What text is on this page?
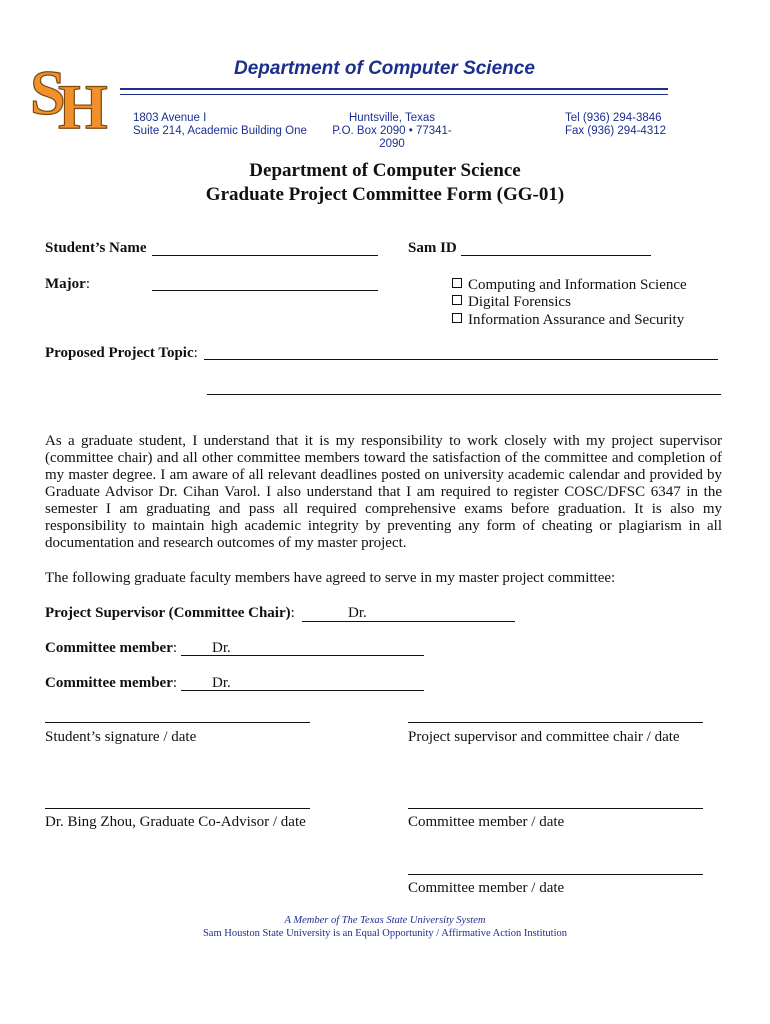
S
H
Department of Computer Science
1803 Avenue I
Suite 214, Academic Building One
Huntsville, Texas
P.O. Box 2090 • 77341-2090
Tel (936) 294-3846
Fax (936) 294-4312
Department of Computer Science
Graduate Project Committee Form (GG-01)
Student’s Name	Sam ID
Major:	Computing and Information Science
Digital Forensics
Information Assurance and Security
Proposed Project Topic:
As a graduate student, I understand that it is my responsibility to work closely with my project supervisor (committee chair) and all other committee members toward the satisfaction of the committee and completion of my master degree. I am aware of all relevant deadlines posted on university academic calendar and provided by Graduate Advisor Dr. Cihan Varol. I also understand that I am required to register COSC/DFSC 6347 in the semester I am graduating and pass all required comprehensive exams before graduation. It is also my responsibility to maintain high academic integrity by preventing any form of cheating or plagiarism in all documentation and research outcomes of my master project.
The following graduate faculty members have agreed to serve in my master project committee:
Project Supervisor (Committee Chair):	Dr.
Committee member: Dr.
Committee member: Dr.
Student’s signature / date	Project supervisor and committee chair / date
Dr. Bing Zhou, Graduate Co-Advisor / date	Committee member / date
Committee member / date
A Member of The Texas State University System
Sam Houston State University is an Equal Opportunity / Affirmative Action Institution
